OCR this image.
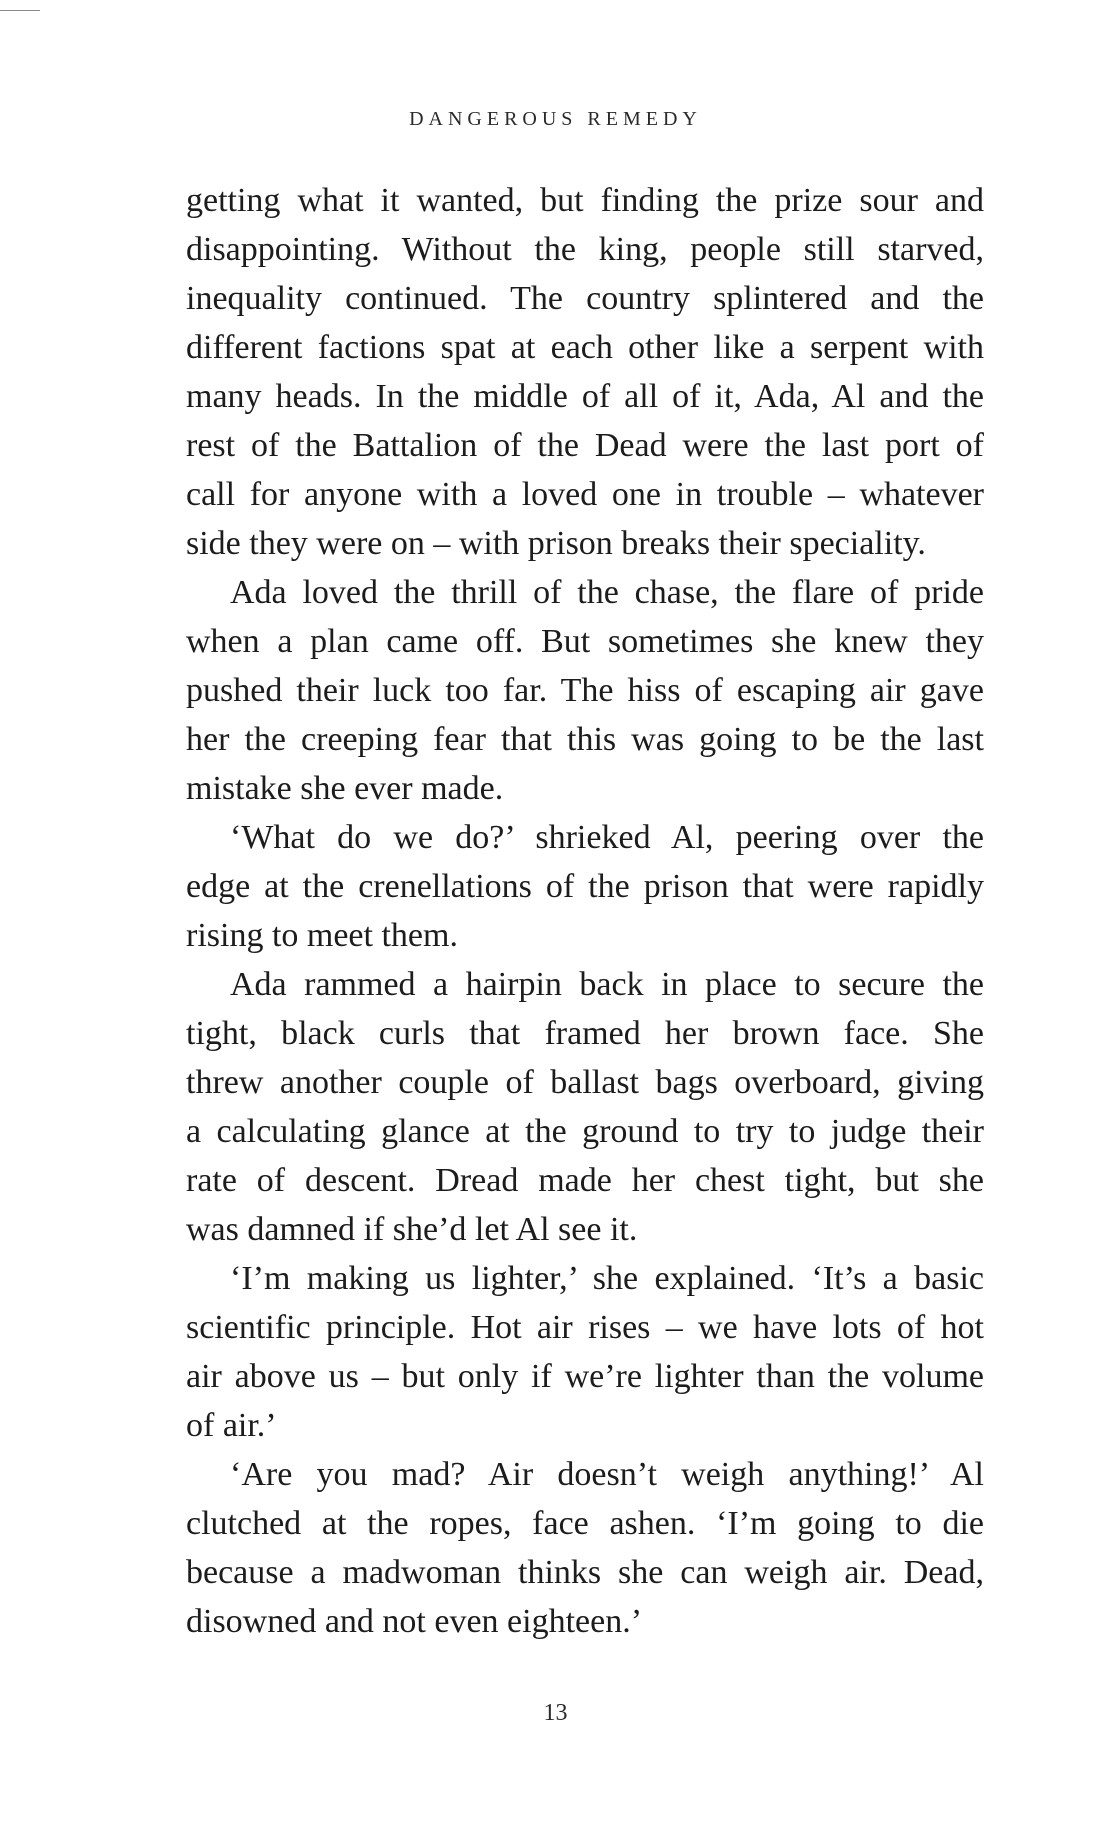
DANGEROUS REMEDY
getting what it wanted, but finding the prize sour and
disappointing. Without the king, people still starved,
inequality continued. The country splintered and the
different factions spat at each other like a serpent with
many heads. In the middle of all of it, Ada, Al and the
rest of the Battalion of the Dead were the last port of
call for anyone with a loved one in trouble – whatever
side they were on – with prison breaks their speciality.
Ada loved the thrill of the chase, the flare of pride
when a plan came off. But sometimes she knew they
pushed their luck too far. The hiss of escaping air gave
her the creeping fear that this was going to be the last
mistake she ever made.
‘What do we do?’ shrieked Al, peering over the
edge at the crenellations of the prison that were rapidly
rising to meet them.
Ada rammed a hairpin back in place to secure the
tight, black curls that framed her brown face. She
threw another couple of ballast bags overboard, giving
a calculating glance at the ground to try to judge their
rate of descent. Dread made her chest tight, but she
was damned if she’d let Al see it.
‘I’m making us lighter,’ she explained. ‘It’s a basic
scientific principle. Hot air rises – we have lots of hot
air above us – but only if we’re lighter than the volume
of air.’
‘Are you mad? Air doesn’t weigh anything!’ Al
clutched at the ropes, face ashen. ‘I’m going to die
because a madwoman thinks she can weigh air. Dead,
disowned and not even eighteen.’
13
